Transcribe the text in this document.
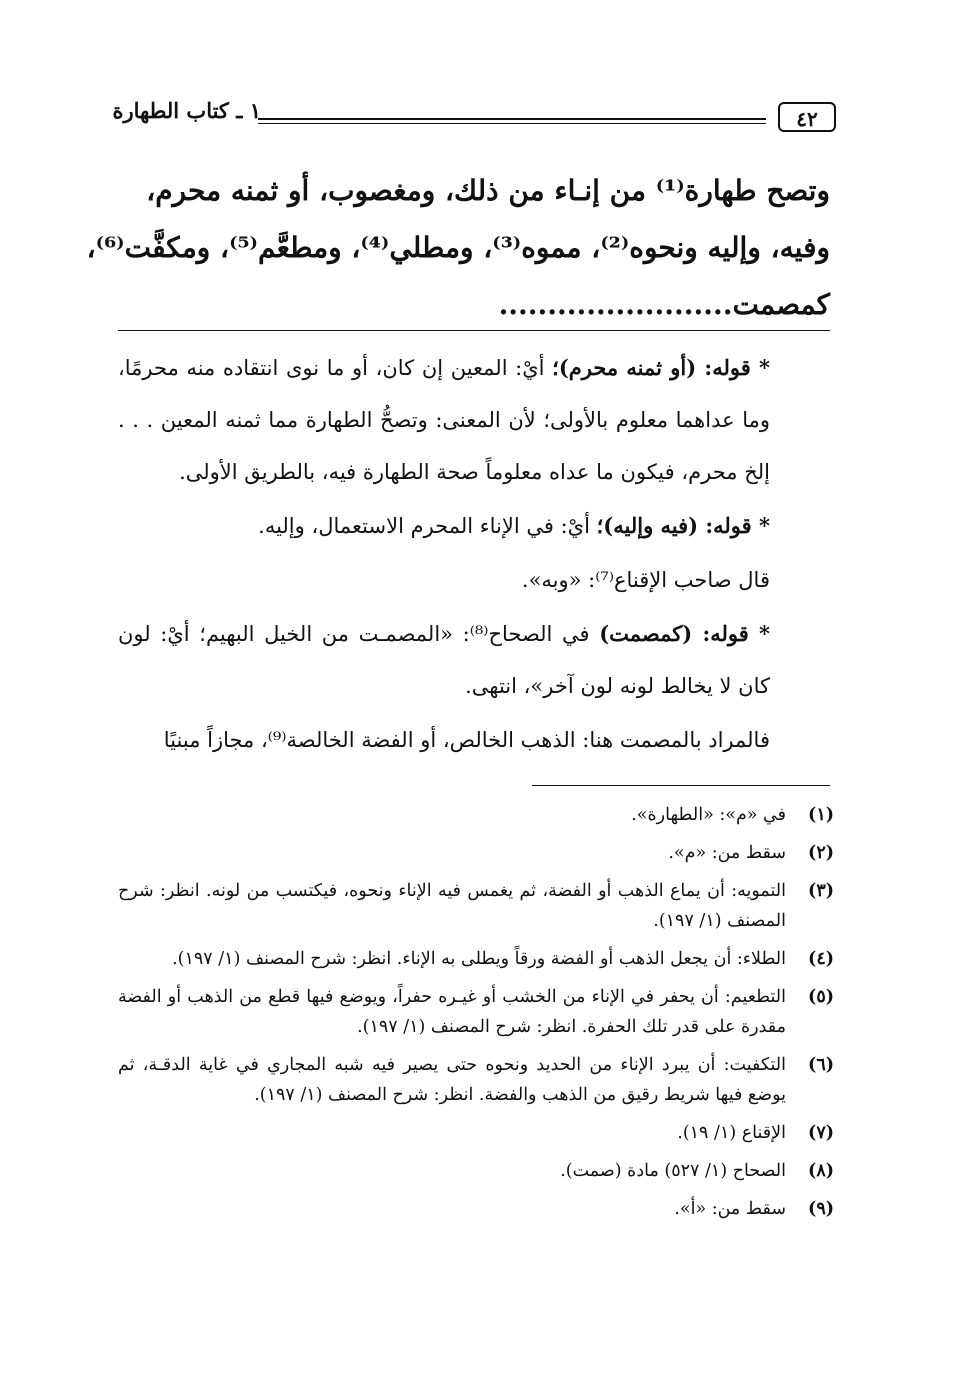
١ ـ كتاب الطهارة	٤٢
وتصح طهارة⁽¹⁾ من إنـاء من ذلك، ومغصوب، أو ثمنه محرم،
وفيه، وإليه ونحوه⁽²⁾، مموه⁽³⁾، ومطلي⁽⁴⁾، ومطعَّم⁽⁵⁾، ومكفَّت⁽⁶⁾،
كمصمت........................

* قوله: (أو ثمنه محرم)؛ أيْ: المعين إن كان، أو ما نوى انتقاده منه محرمًا، وما عداهما معلوم بالأولى؛ لأن المعنى: وتصحُّ الطهارة مما ثمنه المعين . . . إلخ محرم، فيكون ما عداه معلوماً صحة الطهارة فيه، بالطريق الأولى.

* قوله: (فيه وإليه)؛ أيْ: في الإناء المحرم الاستعمال، وإليه.

قال صاحب الإقناع⁽⁷⁾: «وبه».

* قوله: (كمصمت) في الصحاح⁽⁸⁾: «المصمـت من الخيل البهيم؛ أيْ: لون كان لا يخالط لونه لون آخر»، انتهى.

فالمراد بالمصمت هنا: الذهب الخالص، أو الفضة الخالصة⁽⁹⁾، مجازاً مبنيًا

(١)
في «م»: «الطهارة».
(٢)
سقط من: «م».
(٣)
التمويه: أن يماع الذهب أو الفضة، ثم يغمس فيه الإناء ونحوه، فيكتسب من لونه. انظر: شرح المصنف (١/ ١٩٧).
(٤)
الطلاء: أن يجعل الذهب أو الفضة ورقاً ويطلى به الإناء. انظر: شرح المصنف (١/ ١٩٧).
(٥)
التطعيم: أن يحفر في الإناء من الخشب أو غيـره حفراً، ويوضع فيها قطع من الذهب أو الفضة مقدرة على قدر تلك الحفرة. انظر: شرح المصنف (١/ ١٩٧).
(٦)
التكفيت: أن يبرد الإناء من الحديد ونحوه حتى يصير فيه شبه المجاري في غاية الدقـة، ثم يوضع فيها شريط رقيق من الذهب والفضة. انظر: شرح المصنف (١/ ١٩٧).
(٧)
الإقناع (١/ ١٩).
(٨)
الصحاح (١/ ٥٢٧) مادة (صمت).
(٩)
سقط من: «أ».
